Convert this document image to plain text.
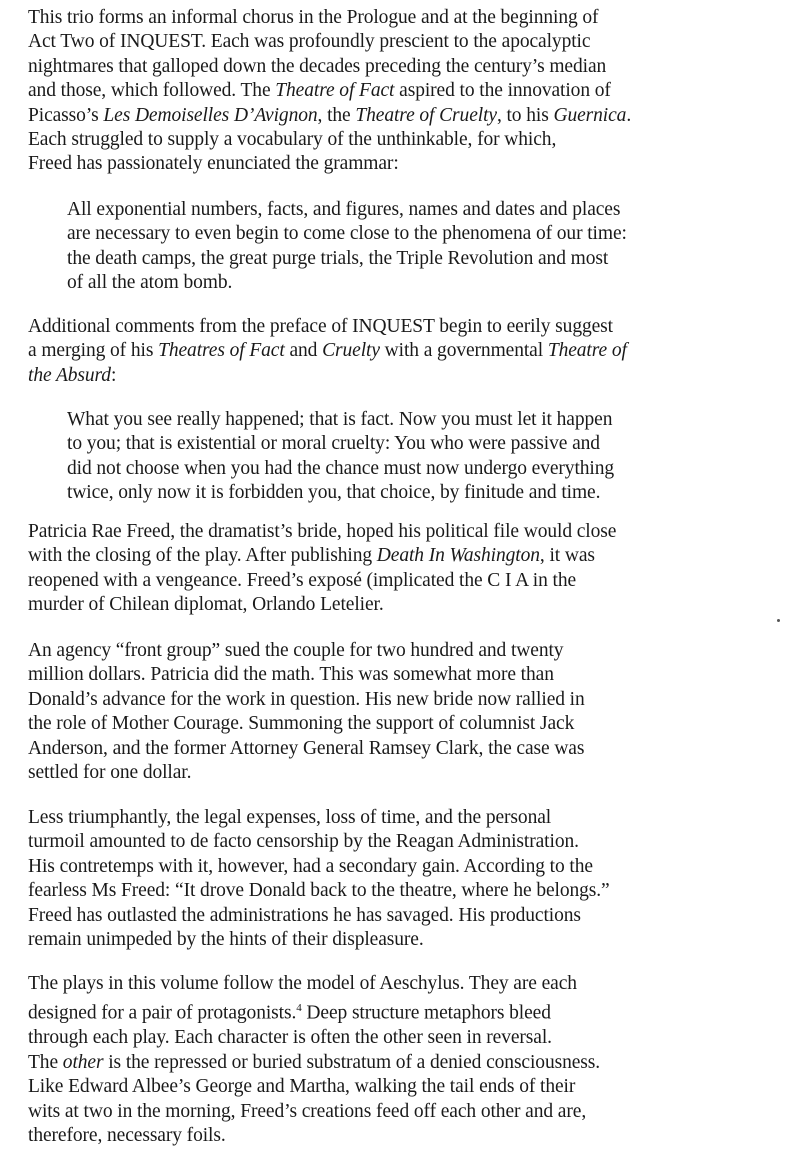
This trio forms an informal chorus in the Prologue and at the beginning of
Act Two of INQUEST. Each was profoundly prescient to the apocalyptic
nightmares that galloped down the decades preceding the century’s median
and those, which followed. The Theatre of Fact aspired to the innovation of
Picasso’s Les Demoiselles D’Avignon, the Theatre of Cruelty, to his Guernica.
Each struggled to supply a vocabulary of the unthinkable, for which,
Freed has passionately enunciated the grammar:

All exponential numbers, facts, and figures, names and dates and places
are necessary to even begin to come close to the phenomena of our time:
the death camps, the great purge trials, the Triple Revolution and most
of all the atom bomb.

Additional comments from the preface of INQUEST begin to eerily suggest
a merging of his Theatres of Fact and Cruelty with a governmental Theatre of
the Absurd:

What you see really happened; that is fact. Now you must let it happen
to you; that is existential or moral cruelty: You who were passive and
did not choose when you had the chance must now undergo everything
twice, only now it is forbidden you, that choice, by finitude and time.

Patricia Rae Freed, the dramatist’s bride, hoped his political file would close
with the closing of the play. After publishing Death In Washington, it was
reopened with a vengeance. Freed’s exposé (implicated the C I A in the
murder of Chilean diplomat, Orlando Letelier.

An agency “front group” sued the couple for two hundred and twenty
million dollars. Patricia did the math. This was somewhat more than
Donald’s advance for the work in question. His new bride now rallied in
the role of Mother Courage. Summoning the support of columnist Jack
Anderson, and the former Attorney General Ramsey Clark, the case was
settled for one dollar.

Less triumphantly, the legal expenses, loss of time, and the personal
turmoil amounted to de facto censorship by the Reagan Administration.
His contretemps with it, however, had a secondary gain. According to the
fearless Ms Freed: “It drove Donald back to the theatre, where he belongs.”
Freed has outlasted the administrations he has savaged. His productions
remain unimpeded by the hints of their displeasure.

The plays in this volume follow the model of Aeschylus. They are each
designed for a pair of protagonists.$^4$ Deep structure metaphors bleed
through each play. Each character is often the other seen in reversal.
The other is the repressed or buried substratum of a denied consciousness.
Like Edward Albee’s George and Martha, walking the tail ends of their
wits at two in the morning, Freed’s creations feed off each other and are,
therefore, necessary foils.
